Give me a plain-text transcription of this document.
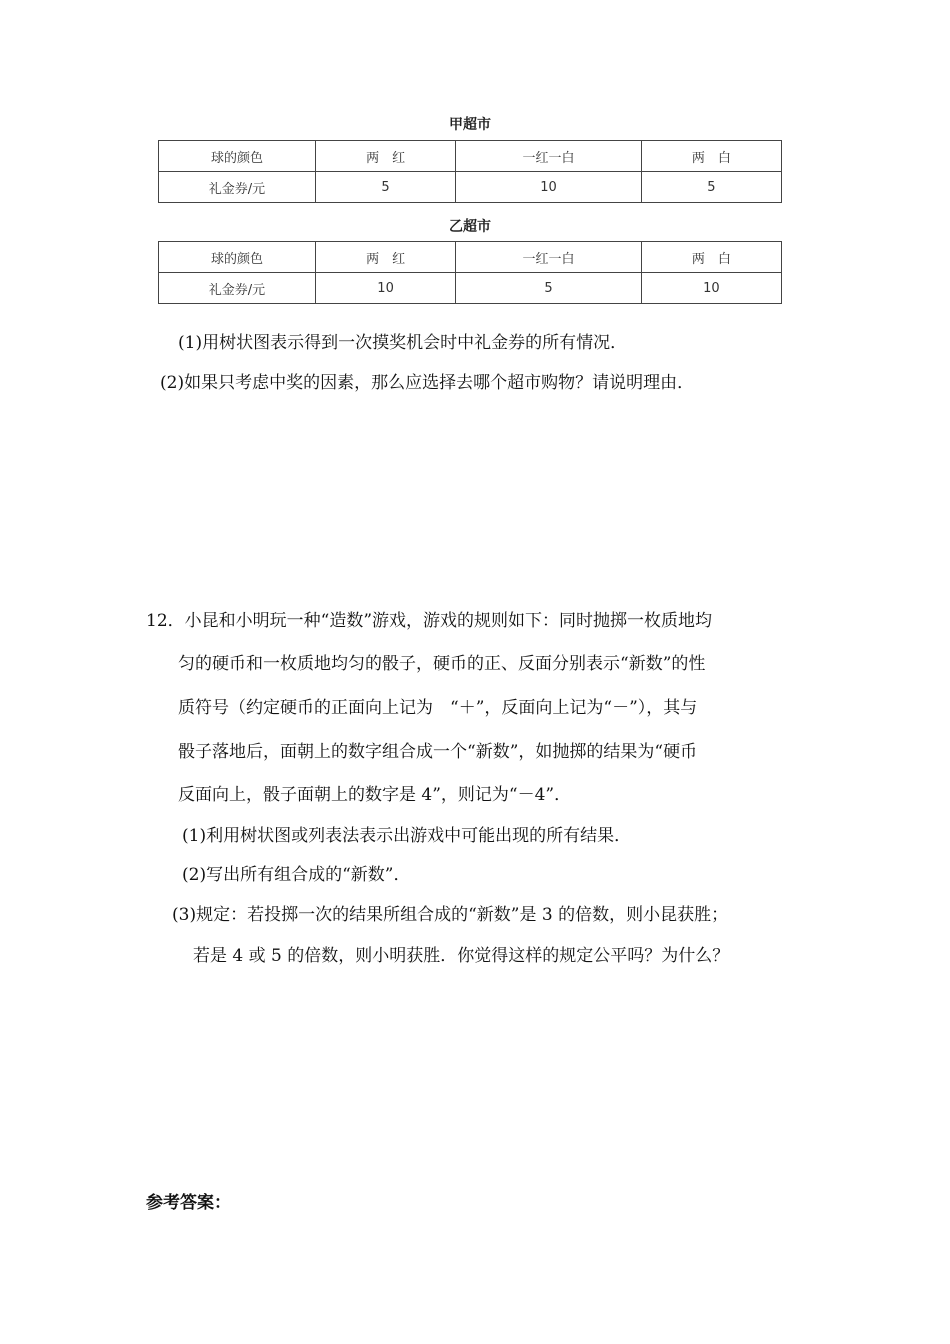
甲超市
球的颜色	两　红	一红一白	两　白
礼金券/元	5	10	5
乙超市
球的颜色	两　红	一红一白	两　白
礼金券/元	10	5	10
(1)用树状图表示得到一次摸奖机会时中礼金券的所有情况．
(2)如果只考虑中奖的因素，那么应选择去哪个超市购物？请说明理由．
12．小昆和小明玩一种“造数”游戏，游戏的规则如下：同时抛掷一枚质地均
匀的硬币和一枚质地均匀的骰子，硬币的正、反面分别表示“新数”的性
质符号（约定硬币的正面向上记为　“＋”，反面向上记为“－”），其与
骰子落地后，面朝上的数字组合成一个“新数”，如抛掷的结果为“硬币
反面向上，骰子面朝上的数字是 4”，则记为“－4”．
(1)利用树状图或列表法表示出游戏中可能出现的所有结果．
(2)写出所有组合成的“新数”．
(3)规定：若投掷一次的结果所组合成的“新数”是 3 的倍数，则小昆获胜；
若是 4 或 5 的倍数，则小明获胜．你觉得这样的规定公平吗？为什么？
参考答案：
